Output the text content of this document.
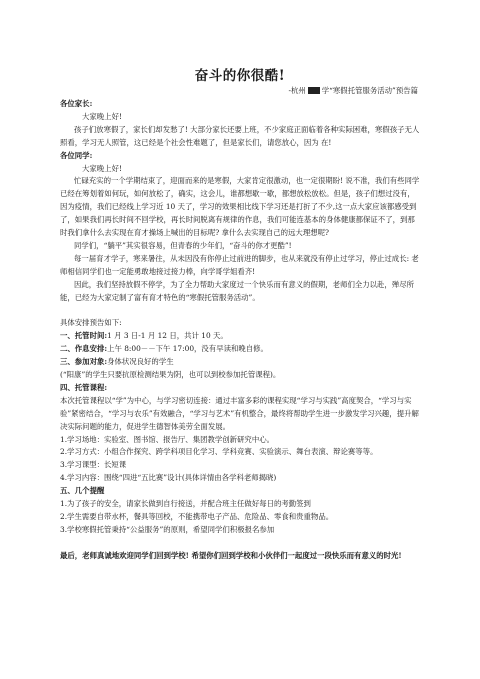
奋斗的你很酷!
-杭州 学“寒假托管服务活动”预告篇

各位家长:

大家晚上好!

孩子们放寒假了，家长们却发愁了! 大部分家长还要上班，不少家庭正面临着各种实际困难，寒假孩子无人照看，学习无人照管，这已经是个社会性难题了，但是家长们，请您放心，因为 在!

各位同学:

大家晚上好!

忙碌充实的一个学期结束了，迎面而来的是寒假，大家肯定很激动，也一定很期盼! 说不准，我们有些同学已经在筹划着如何玩，如何放松了，确实，这会儿，谁都想歇一歇，都想放松放松。但是，孩子们想过没有，因为疫情，我们已经线上学习近 10 天了，学习的效果相比线下学习还是打折了不少,这一点大家应该都感受到了，如果我们再长时间不回学校，再长时间脱离有规律的作息，我们可能连基本的身体健康都保证不了，到那时我们拿什么去实现在育才操场上喊出的目标呢? 拿什么去实现自己的远大理想呢?

同学们，“躺平”其实很容易，但青春的少年们，“奋斗的你才更酷”!

每一届育才学子，寒来暑往，从未因没有你停止过前进的脚步，也从来就没有停止过学习，停止过成长: 老师相信同学们也一定能勇敢地接过接力棒，向学哥学姐看齐!

因此，我们坚持放假不停学，为了全力帮助大家度过一个快乐而有意义的假期，老师们全力以赴，殚尽所能，已经为大家定制了富有育才特色的“寒假托管服务活动”。

具体安排预告如下:

一、托管时间:1 月 3 日-1 月 12 日，共计 10 天。

二、作息安排:上午 8:00－－下午 17:00，没有早读和晚自修。

三、参加对象:身体状况良好的学生

(“阳康”的学生只要抗原检测结果为阴，也可以到校参加托管课程)。

四、托管课程:

本次托管课程以“学”为中心，与学习密切连接：通过丰富多彩的课程实现“学习与实践”高度契合，“学习与实验”紧密结合，“学习与农乐”有效融合，“学习与艺术”有机整合，最终将帮助学生进一步激发学习兴趣，提升解决实际问题的能力，促进学生德智体美劳全面发展。

1.学习场地：实验室、图书馆、报告厅、集团教学创新研究中心。

2.学习方式：小组合作探究、跨学科项目化学习、学科竞赛、实验演示、舞台表演、辩论赛等等。

3.学习课型：长短课

4.学习内容：围绕“四进“五比赛”设计(具体详情由各学科老师揭晓)

五、几个提醒

1.为了孩子的安全，请家长做到自行接送，并配合班主任做好每日的考勤签到

2.学生需要自带水杯，餐具等回校，不能携带电子产品、危险品、零食和贵重物品。

3.学校寒假托管秉持“公益服务”的原则，希望同学们积极报名参加

最后，老师真诚地欢迎同学们回到学校! 希望你们回到学校和小伙伴们一起度过一段快乐而有意义的时光!
